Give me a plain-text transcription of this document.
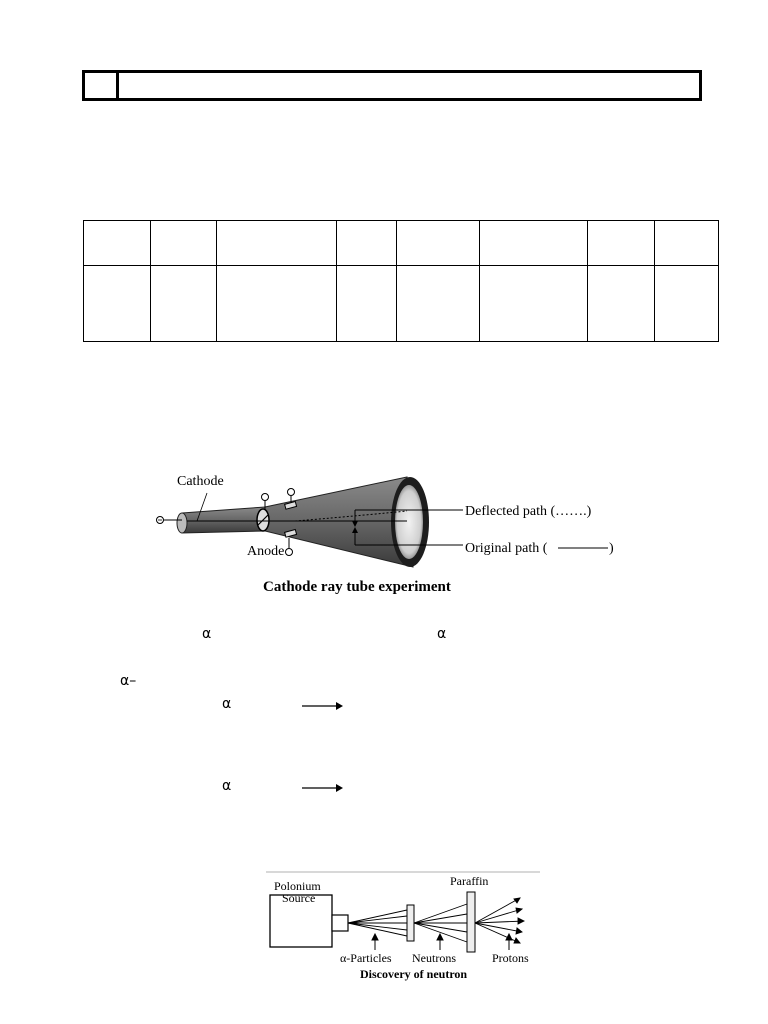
Cathode
Anode
Deflected path (…….)
Original path (	)
Cathode ray tube experiment
α	α
α–
α
α
Polonium
Source
Paraffin
α-Particles Neutrons	Protons
Discovery of neutron
